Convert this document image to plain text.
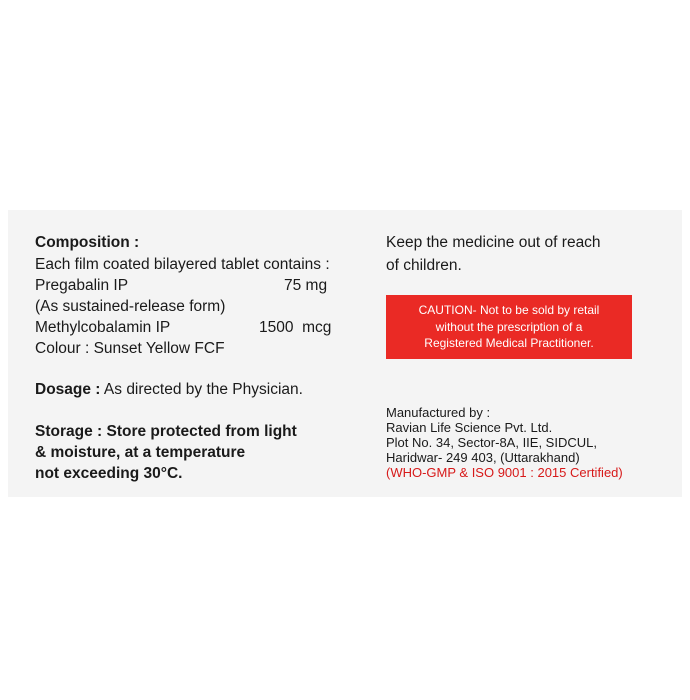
Composition :
Each film coated bilayered tablet contains :
Pregabalin IP	75 mg
(As sustained-release form)
Methylcobalamin IP	1500  mcg
Colour : Sunset Yellow FCF
Dosage : As directed by the Physician.
Storage : Store protected from light
& moisture, at a temperature
not exceeding 30°C.
Keep the medicine out of reach
of children.
CAUTION- Not to be sold by retail
without the prescription of a
Registered Medical Practitioner.
Manufactured by :
Ravian Life Science Pvt. Ltd.
Plot No. 34, Sector-8A, IIE, SIDCUL,
Haridwar- 249 403, (Uttarakhand)
(WHO-GMP & ISO 9001 : 2015 Certified)
